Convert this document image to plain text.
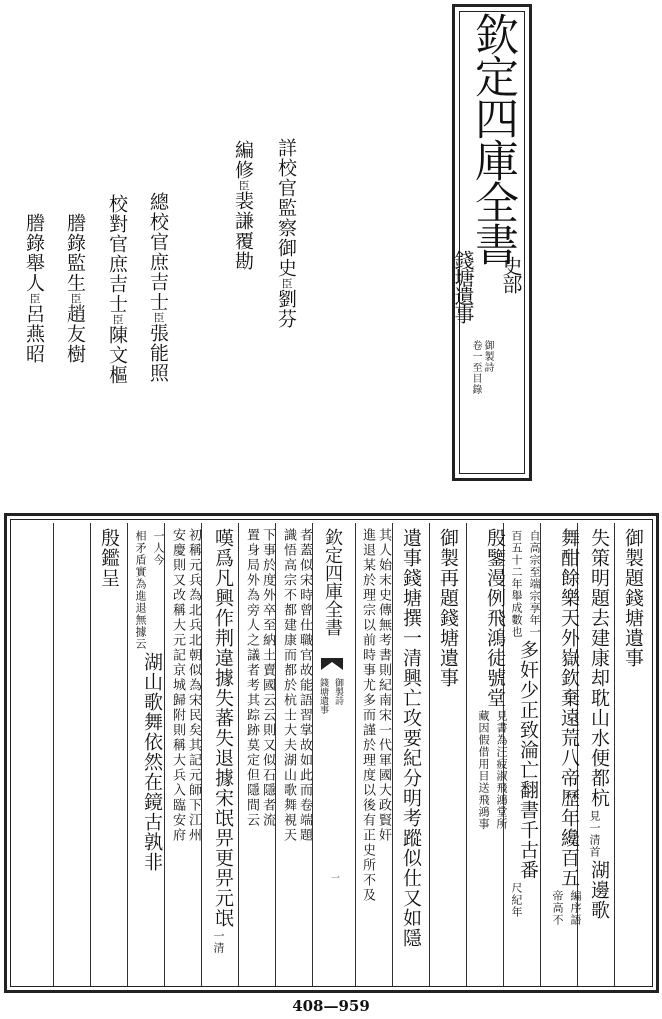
欽定四庫全書
史部
錢塘遺事
御製詩
卷一至目錄
詳校官監察御史臣劉芬
編修臣裴謙覆勘
總校官庶吉士臣張能照
校對官庶吉士臣陳文樞
謄錄監生臣趙友樹
謄錄舉人臣呂燕昭
御製題錢塘遺事
失策明題去建康却耽山水便都杭
見一清首
湖邊歌
舞酣餘樂天外嶽欽棄遠荒八帝歷年纔百五
編序語
帝高不
自高宗至端宗享年一
百五十二年舉成數也
多奸少正致淪亡翻書千古番
尺紀年
殷鑒漫例飛鴻徒號堂
見書為汪疲淑飛鴻堂所
藏因假借用目送飛鴻事
御製再題錢塘遺事
遺事錢塘撰一清興亡攻要紀分明考蹤似仕又如隱
其人始末史傳無考書則紀南宋一代軍國大政賢奸
進退某於理宗以前時事尤多而謹於理度以後有正史所不及
欽定四庫全書
御製詩
錢塘遺事
一
者蓋似宋時曾仕職官故能語習掌故如此而卷端題
識悟高宗不都建康而都於杭士大夫湖山歌舞視天
下事於度外卒至納土賣國云云則又似石隱者流
置身局外為旁人之議者考其踪跡莫定但隱間云
嘆爲凡興作荆違據失蕃失退據宋氓畀更畀元氓
一清
初稱元兵為北兵北朝似為宋民矣其記元師下江州
安慶則又改稱大元記京城歸附則稱大兵入臨安府
一人今
相矛盾實為進退無據云
湖山歌舞依然在鏡古孰非
殷鑑呈
408—959
